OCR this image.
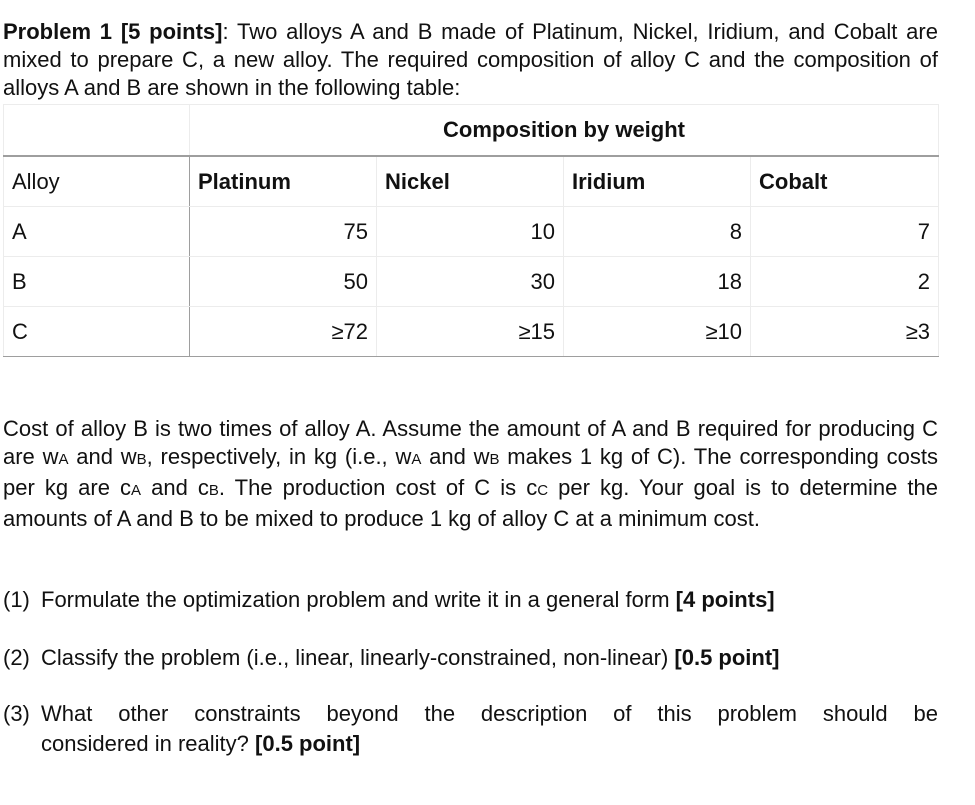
Problem 1 [5 points]: Two alloys A and B made of Platinum, Nickel, Iridium, and Cobalt are mixed to prepare C, a new alloy. The required composition of alloy C and the composition of alloys A and B are shown in the following table:

	Composition by weight			
Alloy	Platinum	Nickel	Iridium	Cobalt
A	75	10	8	7
B	50	30	18	2
C	≥72	≥15	≥10	≥3

Cost of alloy B is two times of alloy A. Assume the amount of A and B required for producing C are wA and wB, respectively, in kg (i.e., wA and wB makes 1 kg of C). The corresponding costs per kg are cA and cB. The production cost of C is cC per kg. Your goal is to determine the amounts of A and B to be mixed to produce 1 kg of alloy C at a minimum cost.

(1) Formulate the optimization problem and write it in a general form [4 points]
(2) Classify the problem (i.e., linear, linearly-constrained, non-linear) [0.5 point]
(3) What other constraints beyond the description of this problem should be
considered in reality? [0.5 point]
